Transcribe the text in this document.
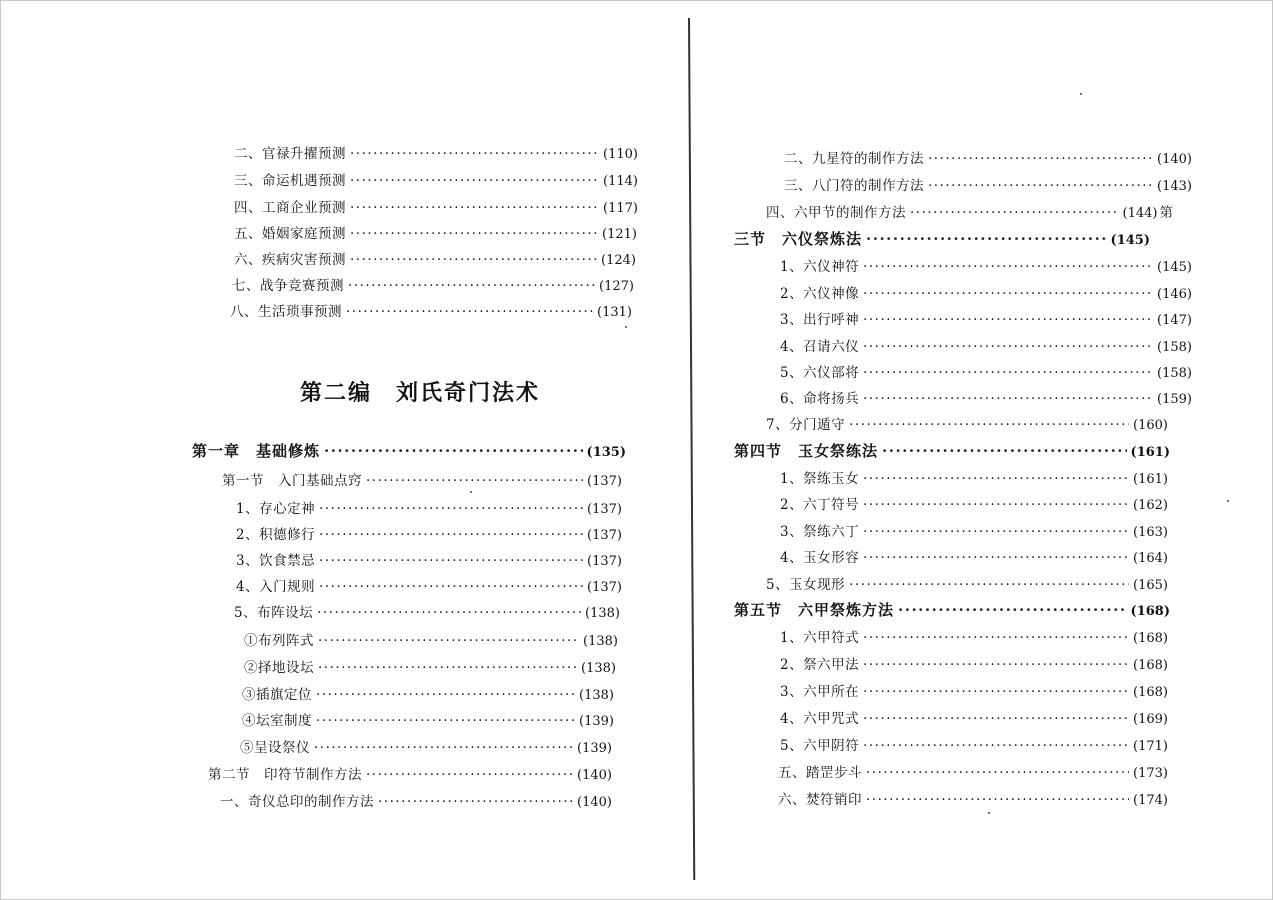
二、官禄升擢预测 ·····	(110)
三、命运机遇预测 ·····	(114)
四、工商企业预测 ·····	(117)
五、婚姻家庭预测 ·····	(121)
六、疾病灾害预测 ·····	(124)
七、战争竞赛预测 ·····	(127)
八、生活琐事预测 ·····	(131)
第二编　刘氏奇门法术
第一章　基础修炼 ·····	(135)
第一节　入门基础点窍 ·····	(137)
1、存心定神 ·····	(137)
2、积德修行 ·····	(137)
3、饮食禁忌 ·····	(137)
4、入门规则 ·····	(137)
5、布阵设坛 ·····	(138)
①布列阵式 ·····	(138)
②择地设坛 ·····	(138)
③插旗定位 ·····	(138)
④坛室制度 ·····	(139)
⑤呈设祭仪 ·····	(139)
第二节　印符节制作方法 ·····	(140)
一、奇仪总印的制作方法 ·····	(140)
二、九星符的制作方法 ·····	(140)
三、八门符的制作方法 ·····	(143)
四、六甲节的制作方法 ·····	(144) 第
三节　六仪祭炼法 ·····	(145)
1、六仪神符 ·····	(145)
2、六仪神像 ·····	(146)
3、出行呼神 ·····	(147)
4、召请六仪 ·····	(158)
5、六仪部将 ·····	(158)
6、命将扬兵 ·····	(159)
7、分门遁守 ·····	(160)
第四节　玉女祭练法 ·····	(161)
1、祭练玉女 ·····	(161)
2、六丁符号 ·····	(162)
3、祭练六丁 ·····	(163)
4、玉女形容 ·····	(164)
5、玉女现形 ·····	(165)
第五节　六甲祭炼方法 ·····	(168)
1、六甲符式 ·····	(168)
2、祭六甲法 ·····	(168)
3、六甲所在 ·····	(168)
4、六甲咒式 ·····	(169)
5、六甲阴符 ·····	(171)
五、踏罡步斗 ·····	(173)
六、焚符销印 ·····	(174)
